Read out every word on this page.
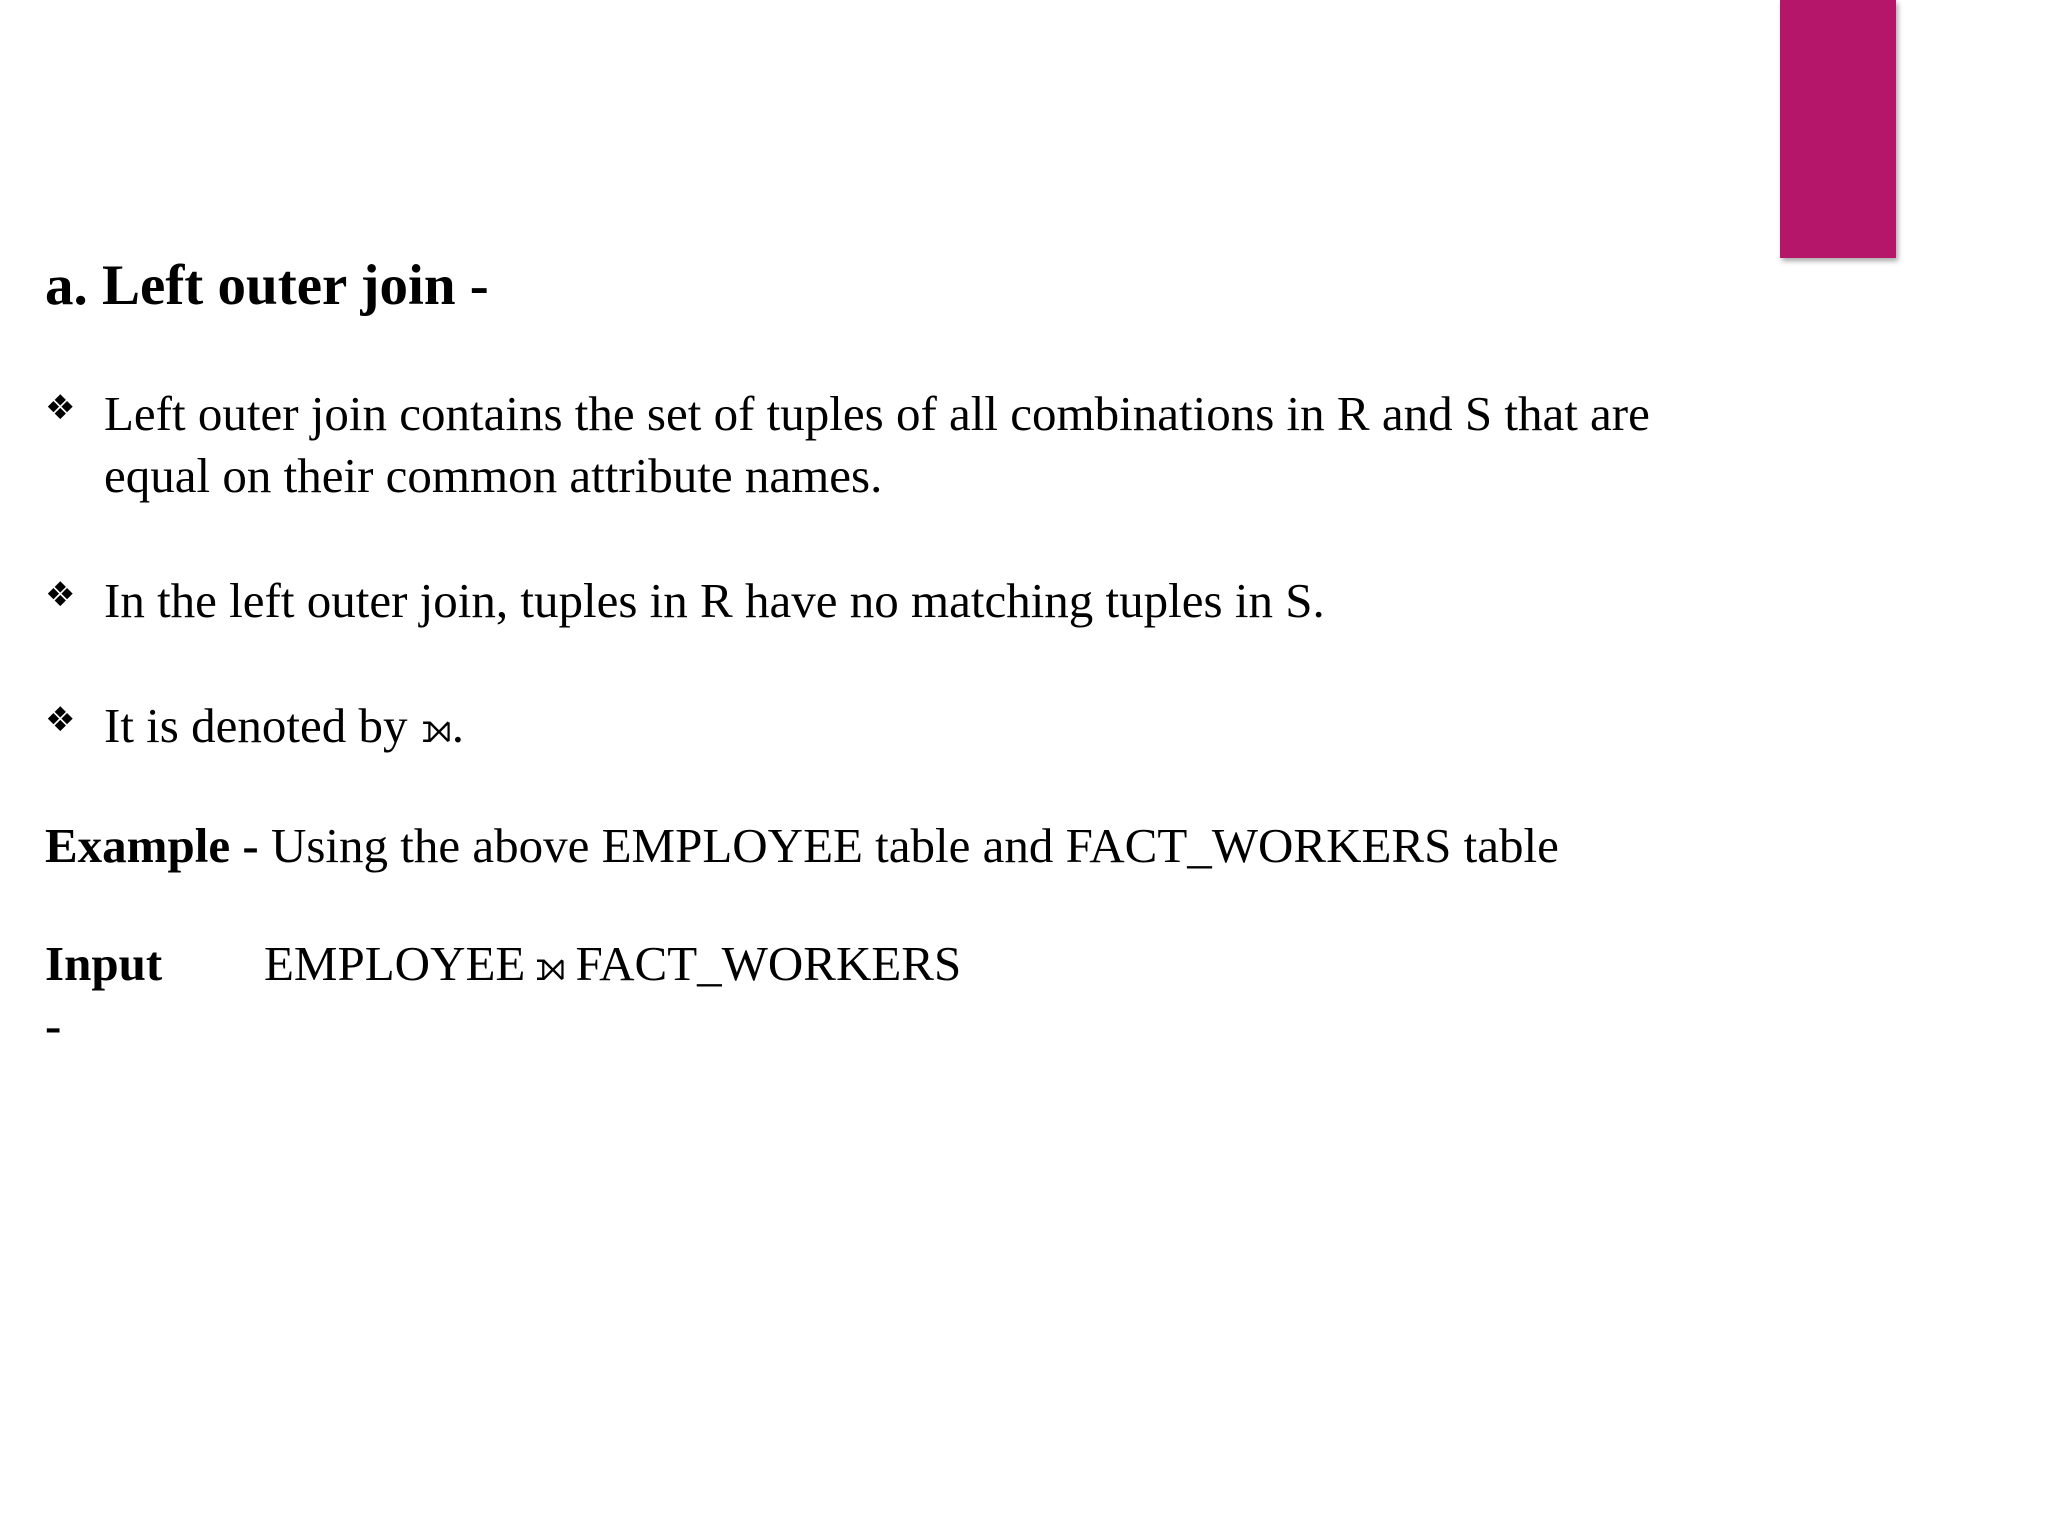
a. Left outer join -
❖ Left outer join contains the set of tuples of all combinations in R and S that are equal on their common attribute names.
❖ In the left outer join, tuples in R have no matching tuples in S.
❖ It is denoted by ⟕.
Example - Using the above EMPLOYEE table and FACT_WORKERS table
Input -
EMPLOYEE ⟕ FACT_WORKERS
